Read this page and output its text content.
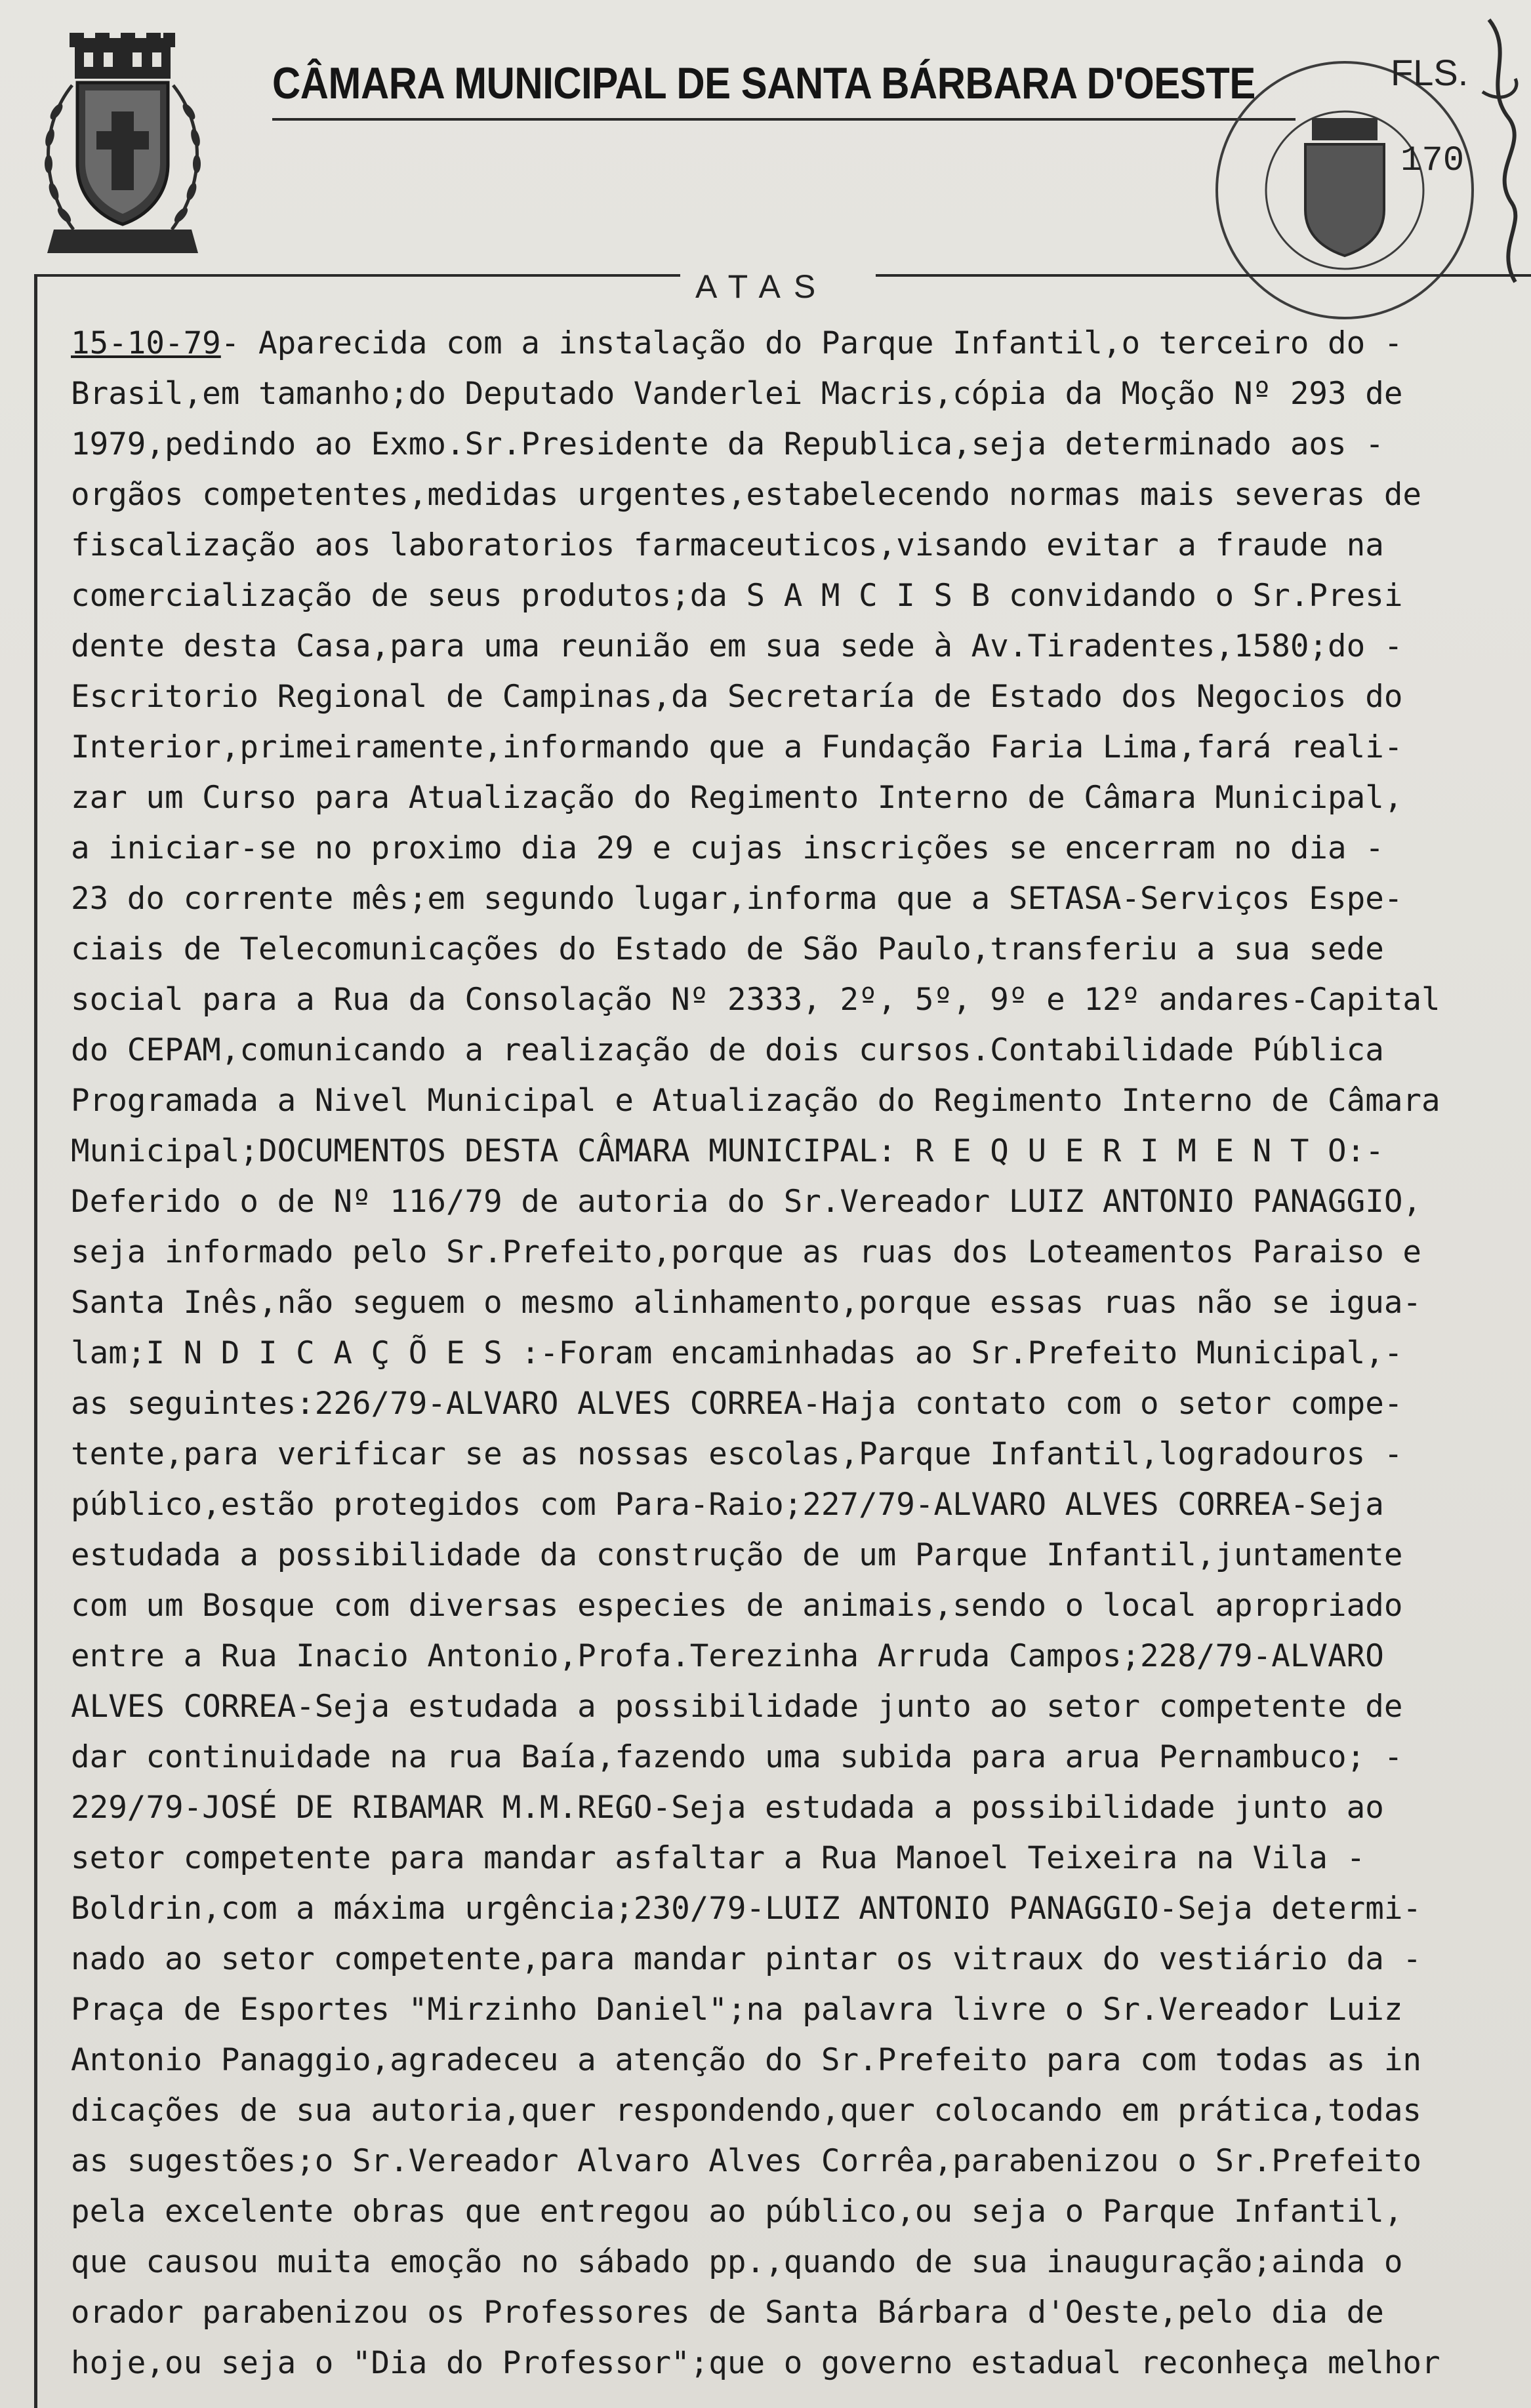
CÂMARA MUNICIPAL DE SANTA BÁRBARA D'OESTE	FLS.
170
ATAS
15-10-79- Aparecida com a instalação do Parque Infantil,o terceiro do -
Brasil,em tamanho;do Deputado Vanderlei Macris,cópia da Moção Nº 293 de
1979,pedindo ao Exmo.Sr.Presidente da Republica,seja determinado aos -
orgãos competentes,medidas urgentes,estabelecendo normas mais severas de
fiscalização aos laboratorios farmaceuticos,visando evitar a fraude na
comercialização de seus produtos;da S A M C I S B convidando o Sr.Presi
dente desta Casa,para uma reunião em sua sede à Av.Tiradentes,1580;do -
Escritorio Regional de Campinas,da Secretaría de Estado dos Negocios do
Interior,primeiramente,informando que a Fundação Faria Lima,fará reali-
zar um Curso para Atualização do Regimento Interno de Câmara Municipal,
a iniciar-se no proximo dia 29 e cujas inscrições se encerram no dia -
23 do corrente mês;em segundo lugar,informa que a SETASA-Serviços Espe-
ciais de Telecomunicações do Estado de São Paulo,transferiu a sua sede
social para a Rua da Consolação Nº 2333, 2º, 5º, 9º e 12º andares-Capital
do CEPAM,comunicando a realização de dois cursos.Contabilidade Pública
Programada a Nivel Municipal e Atualização do Regimento Interno de Câmara
Municipal;DOCUMENTOS DESTA CÂMARA MUNICIPAL: R E Q U E R I M E N T O:-
Deferido o de Nº 116/79 de autoria do Sr.Vereador LUIZ ANTONIO PANAGGIO,
seja informado pelo Sr.Prefeito,porque as ruas dos Loteamentos Paraiso e
Santa Inês,não seguem o mesmo alinhamento,porque essas ruas não se igua-
lam;I N D I C A Ç Õ E S :-Foram encaminhadas ao Sr.Prefeito Municipal,-
as seguintes:226/79-ALVARO ALVES CORREA-Haja contato com o setor compe-
tente,para verificar se as nossas escolas,Parque Infantil,logradouros -
público,estão protegidos com Para-Raio;227/79-ALVARO ALVES CORREA-Seja
estudada a possibilidade da construção de um Parque Infantil,juntamente
com um Bosque com diversas especies de animais,sendo o local apropriado
entre a Rua Inacio Antonio,Profa.Terezinha Arruda Campos;228/79-ALVARO
ALVES CORREA-Seja estudada a possibilidade junto ao setor competente de
dar continuidade na rua Baía,fazendo uma subida para arua Pernambuco; -
229/79-JOSÉ DE RIBAMAR M.M.REGO-Seja estudada a possibilidade junto ao
setor competente para mandar asfaltar a Rua Manoel Teixeira na Vila -
Boldrin,com a máxima urgência;230/79-LUIZ ANTONIO PANAGGIO-Seja determi-
nado ao setor competente,para mandar pintar os vitraux do vestiário da -
Praça de Esportes "Mirzinho Daniel";na palavra livre o Sr.Vereador Luiz
Antonio Panaggio,agradeceu a atenção do Sr.Prefeito para com todas as in
dicações de sua autoria,quer respondendo,quer colocando em prática,todas
as sugestões;o Sr.Vereador Alvaro Alves Corrêa,parabenizou o Sr.Prefeito
pela excelente obras que entregou ao público,ou seja o Parque Infantil,
que causou muita emoção no sábado pp.,quando de sua inauguração;ainda o
orador parabenizou os Professores de Santa Bárbara d'Oeste,pelo dia de
hoje,ou seja o "Dia do Professor";que o governo estadual reconheça melhor
